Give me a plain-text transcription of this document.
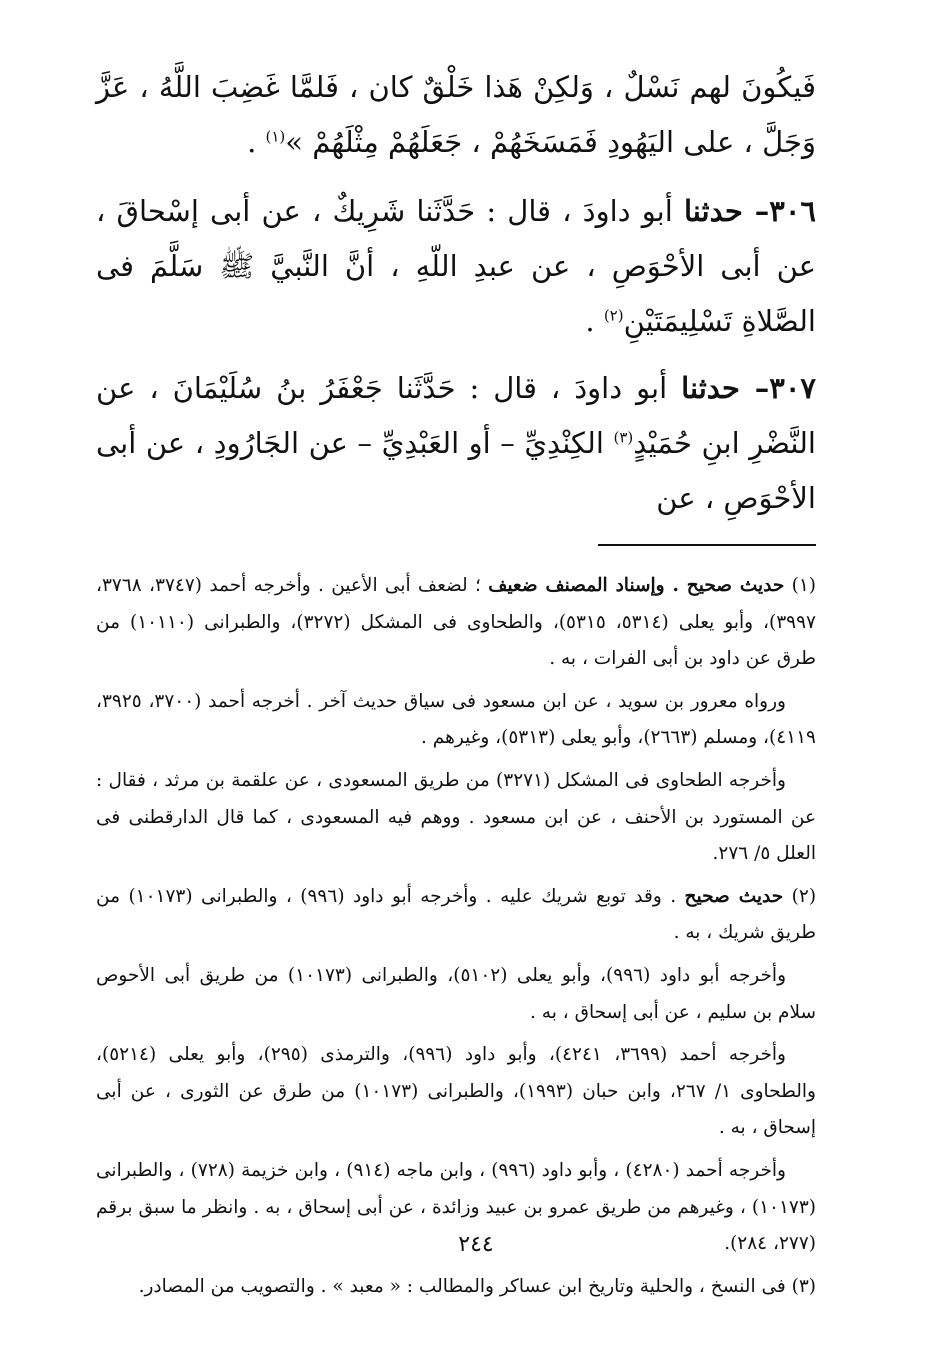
فَيكُونَ لهم نَسْلٌ ، وَلكِنْ هَذا خَلْقٌ كان ، فَلمَّا غَضِبَ اللَّهُ ، عَزَّ وَجَلَّ ، على اليَهُودِ فَمَسَخَهُمْ ، جَعَلَهُمْ مِثْلَهُمْ »$^{(١)}$ .

٣٠٦– حدثنا أبو داودَ ، قال : حَدَّثَنا شَرِيكٌ ، عن أبى إسْحاقَ ، عن أبى الأحْوَصِ ، عن عبدِ اللّهِ ، أنَّ النَّبيَّ ﷺ سَلَّمَ فى الصَّلاةِ تَسْلِيمَتَيْنِ$^{(٢)}$ .

٣٠٧– حدثنا أبو داودَ ، قال : حَدَّثَنا جَعْفَرُ بنُ سُلَيْمَانَ ، عن النَّضْرِ ابنِ حُمَيْدٍ$^{(٣)}$ الكِنْدِيِّ – أو العَبْدِيِّ – عن الجَارُودِ ، عن أبى الأحْوَصِ ، عن

(١) حديث صحيح . وإسناد المصنف ضعيف ؛ لضعف أبى الأعين . وأخرجه أحمد (٣٧٤٧، ٣٧٦٨، ٣٩٩٧)، وأبو يعلى (٥٣١٤، ٥٣١٥)، والطحاوى فى المشكل (٣٢٧٢)، والطبرانى (١٠١١٠) من طرق عن داود بن أبى الفرات ، به .

ورواه معرور بن سويد ، عن ابن مسعود فى سياق حديث آخر . أخرجه أحمد (٣٧٠٠، ٣٩٢٥، ٤١١٩)، ومسلم (٢٦٦٣)، وأبو يعلى (٥٣١٣)، وغيرهم .

وأخرجه الطحاوى فى المشكل (٣٢٧١) من طريق المسعودى ، عن علقمة بن مرثد ، فقال : عن المستورد بن الأحنف ، عن ابن مسعود . ووهم فيه المسعودى ، كما قال الدارقطنى فى العلل ٥/ ٢٧٦.

(٢) حديث صحيح . وقد توبع شريك عليه . وأخرجه أبو داود (٩٩٦) ، والطبرانى (١٠١٧٣) من طريق شريك ، به .

وأخرجه أبو داود (٩٩٦)، وأبو يعلى (٥١٠٢)، والطبرانى (١٠١٧٣) من طريق أبى الأحوص سلام بن سليم ، عن أبى إسحاق ، به .

وأخرجه أحمد (٣٦٩٩، ٤٢٤١)، وأبو داود (٩٩٦)، والترمذى (٢٩٥)، وأبو يعلى (٥٢١٤)، والطحاوى ١/ ٢٦٧، وابن حبان (١٩٩٣)، والطبرانى (١٠١٧٣) من طرق عن الثورى ، عن أبى إسحاق ، به .

وأخرجه أحمد (٤٢٨٠) ، وأبو داود (٩٩٦) ، وابن ماجه (٩١٤) ، وابن خزيمة (٧٢٨) ، والطبرانى (١٠١٧٣) ، وغيرهم من طريق عمرو بن عبيد وزائدة ، عن أبى إسحاق ، به . وانظر ما سبق برقم (٢٧٧، ٢٨٤).

(٣) فى النسخ ، والحلية وتاريخ ابن عساكر والمطالب : « معبد » . والتصويب من المصادر.

٢٤٤
